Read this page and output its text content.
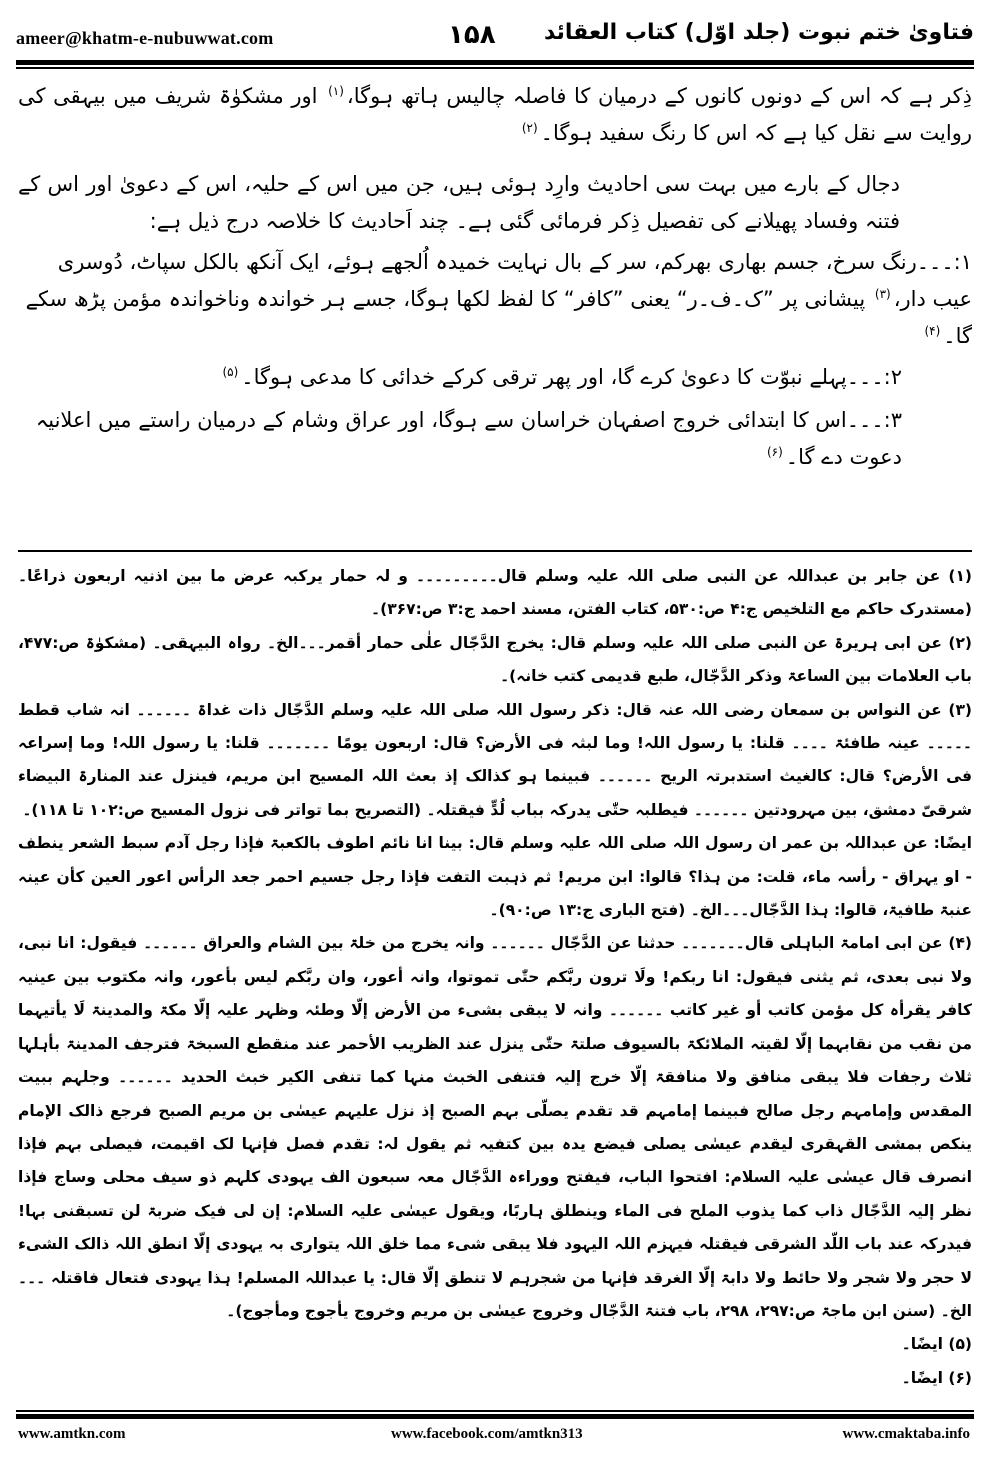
ameer@khatm-e-nubuwwat.com	۱۵۸ فتاویٰ ختم نبوت (جلد اوّل) کتاب العقائد

ذِکر ہے کہ اس کے دونوں کانوں کے درمیان کا فاصلہ چالیس ہاتھ ہوگا،$^{(۱)}$ اور مشکوٰۃ شریف میں بیہقی کی روایت سے نقل کیا ہے کہ اس کا رنگ سفید ہوگا۔$^{(۲)}$

دجال کے بارے میں بہت سی احادیث وارِد ہوئی ہیں، جن میں اس کے حلیہ، اس کے دعویٰ اور اس کے فتنہ وفساد پھیلانے کی تفصیل ذِکر فرمائی گئی ہے۔ چند اَحادیث کا خلاصہ درج ذیل ہے:

۱:۔۔۔رنگ سرخ، جسم بھاری بھرکم، سر کے بال نہایت خمیدہ اُلجھے ہوئے، ایک آنکھ بالکل سپاٹ، دُوسری عیب دار،$^{(۳)}$ پیشانی پر ”ک۔ف۔ر“ یعنی ”کافر“ کا لفظ لکھا ہوگا، جسے ہر خواندہ وناخواندہ مؤمن پڑھ سکے گا۔$^{(۴)}$

۲:۔۔۔پہلے نبوّت کا دعویٰ کرے گا، اور پھر ترقی کرکے خدائی کا مدعی ہوگا۔$^{(۵)}$

۳:۔۔۔اس کا ابتدائی خروج اصفہان خراسان سے ہوگا، اور عراق وشام کے درمیان راستے میں اعلانیہ دعوت دے گا۔$^{(۶)}$

(۱) عن جابر بن عبداللہ عن النبی صلی اللہ علیہ وسلم قال۔۔۔۔۔۔۔۔۔ و لہ حمار یرکبہ عرض ما بین اذنیہ اربعون ذراعًا۔ (مستدرک حاکم مع التلخیص ج:۴ ص:۵۳۰، کتاب الفتن، مسند احمد ج:۳ ص:۳۶۷)۔

(۲) عن ابی ہریرۃ عن النبی صلی اللہ علیہ وسلم قال: یخرج الدَّجّال علٰی حمار أقمر۔۔۔الخ۔ رواہ البیہقی۔ (مشکوٰۃ ص:۴۷۷، باب العلامات بین الساعۃ وذکر الدَّجّال، طبع قدیمی کتب خانہ)۔

(۳) عن النواس بن سمعان رضی اللہ عنہ قال: ذکر رسول اللہ صلی اللہ علیہ وسلم الدَّجّال ذات غداۃ ۔۔۔۔۔۔ انہ شاب قطط ۔۔۔۔۔ عینہ طافئۃ ۔۔۔۔ قلنا: یا رسول اللہ! وما لبثہ فی الأرض؟ قال: اربعون یومًا ۔۔۔۔۔۔۔ قلنا: یا رسول اللہ! وما إسراعہ فی الأرض؟ قال: کالغیث استدبرتہ الریح ۔۔۔۔۔۔ فبینما ہو کذالک إذ بعث اللہ المسیح ابن مریم، فینزل عند المنارۃ البیضاء شرقیّ دمشق، بین مہرودتین ۔۔۔۔۔۔ فیطلبہ حتّٰی یدرکہ بباب لُدٍّ فیقتلہ۔ (التصریح بما تواتر فی نزول المسیح ص:۱۰۲ تا ۱۱۸)۔

ایضًا: عن عبداللہ بن عمر ان رسول اللہ صلی اللہ علیہ وسلم قال: بینا انا نائم اطوف بالکعبۃ فإذا رجل آدم سبط الشعر ینطف - او یہراق - رأسہ ماء، قلت: من ہذا؟ قالوا: ابن مریم! ثم ذہبت التفت فإذا رجل جسیم احمر جعد الرأس اعور العین کأن عینہ عنبۃ طافیۃ، قالوا: ہذا الدَّجّال۔۔۔الخ۔ (فتح الباری ج:۱۳ ص:۹۰)۔

(۴) عن ابی امامۃ الباہلی قال۔۔۔۔۔۔۔ حدثنا عن الدَّجّال ۔۔۔۔۔۔ وانہ یخرج من خلۃ بین الشام والعراق ۔۔۔۔۔۔ فیقول: انا نبی، ولا نبی بعدی، ثم یثنی فیقول: انا ربکم! ولَا ترون ربَّکم حتّٰی تموتوا، وانہ أعور، وان ربَّکم لیس بأعور، وانہ مکتوب بین عینیہ کافر یقرأہ کل مؤمن کاتب أو غیر کاتب ۔۔۔۔۔۔ وانہ لا یبقی بشیء من الأرض إلّا وطئہ وظہر علیہ إلّا مکۃ والمدینۃ لَا یأتیہما من نقب من نقابہما إلّا لقیتہ الملائکۃ بالسیوف صلتۃ حتّٰی ینزل عند الظریب الأحمر عند منقطع السبخۃ فترجف المدینۃ بأہلہا ثلاث رجفات فلا یبقی منافق ولا منافقۃ إلّا خرج إلیہ فتنفی الخبث منہا کما تنفی الکیر خبث الحدید ۔۔۔۔۔۔ وجلہم ببیت المقدس وإمامہم رجل صالح فبینما إمامہم قد تقدم یصلّی بہم الصبح إذ نزل علیہم عیسٰی بن مریم الصبح فرجع ذالک الإمام ینکص بمشی القہقری لیقدم عیسٰی یصلی فیضع یدہ بین کتفیہ ثم یقول لہ: تقدم فصل فإنہا لک اقیمت، فیصلی بہم فإذا انصرف قال عیسٰی علیہ السلام: افتحوا الباب، فیفتح ووراءہ الدَّجّال معہ سبعون الف یہودی کلہم ذو سیف محلی وساج فإذا نظر إلیہ الدَّجّال ذاب کما یذوب الملح فی الماء وینطلق ہاربًا، ویقول عیسٰی علیہ السلام: إن لی فیک ضربۃ لن تسبقنی بہا! فیدرکہ عند باب اللّد الشرقی فیقتلہ فیہزم اللہ الیہود فلا یبقی شیء مما خلق اللہ یتواری بہ یہودی إلّا انطق اللہ ذالک الشیء لا حجر ولا شجر ولا حائط ولا دابۃ إلّا الغرقد فإنہا من شجرہم لا تنطق إلّا قال: یا عبداللہ المسلم! ہذا یہودی فتعال فاقتلہ ۔۔۔الخ۔ (سنن ابن ماجۃ ص:۲۹۷، ۲۹۸، باب فتنۃ الدَّجّال وخروج عیسٰی بن مریم وخروج یأجوج ومأجوج)۔

(۵) ایضًا۔

(۶) ایضًا۔

www.amtkn.com	www.facebook.com/amtkn313	www.cmaktaba.info
